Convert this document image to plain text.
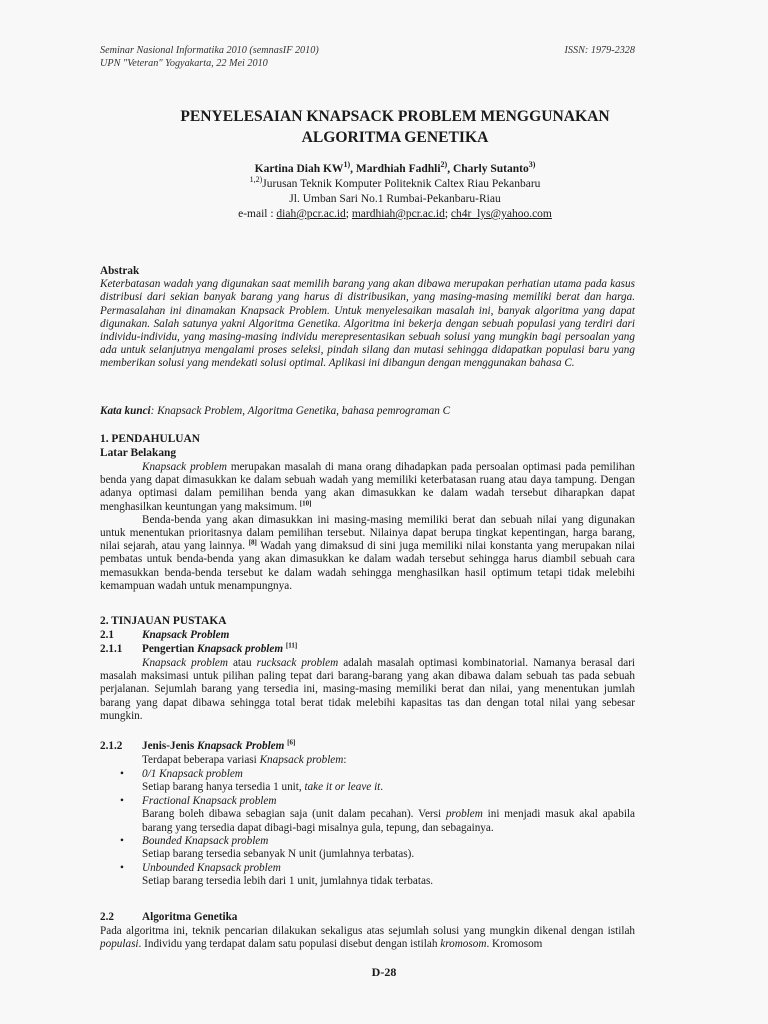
Seminar Nasional Informatika 2010 (semnasIF 2010)
UPN "Veteran" Yogyakarta, 22 Mei 2010
ISSN: 1979-2328
PENYELESAIAN KNAPSACK PROBLEM MENGGUNAKAN
ALGORITMA GENETIKA
Kartina Diah KW$^{1)}$, Mardhiah Fadhli$^{2)}$, Charly Sutanto$^{3)}$
$^{1,2)}$Jurusan Teknik Komputer Politeknik Caltex Riau Pekanbaru
Jl. Umban Sari No.1 Rumbai-Pekanbaru-Riau
e-mail : diah@pcr.ac.id; mardhiah@pcr.ac.id; ch4r_lys@yahoo.com
Abstrak
Keterbatasan wadah yang digunakan saat memilih barang yang akan dibawa merupakan perhatian utama pada kasus distribusi dari sekian banyak barang yang harus di distribusikan, yang masing-masing memiliki berat dan harga. Permasalahan ini dinamakan Knapsack Problem. Untuk menyelesaikan masalah ini, banyak algoritma yang dapat digunakan. Salah satunya yakni Algoritma Genetika. Algoritma ini bekerja dengan sebuah populasi yang terdiri dari individu-individu, yang masing-masing individu merepresentasikan sebuah solusi yang mungkin bagi persoalan yang ada untuk selanjutnya mengalami proses seleksi, pindah silang dan mutasi sehingga didapatkan populasi baru yang memberikan solusi yang mendekati solusi optimal. Aplikasi ini dibangun dengan menggunakan bahasa C.
Kata kunci: Knapsack Problem, Algoritma Genetika, bahasa pemrograman C
1. PENDAHULUAN
Latar Belakang
Knapsack problem merupakan masalah di mana orang dihadapkan pada persoalan optimasi pada pemilihan benda yang dapat dimasukkan ke dalam sebuah wadah yang memiliki keterbatasan ruang atau daya tampung. Dengan adanya optimasi dalam pemilihan benda yang akan dimasukkan ke dalam wadah tersebut diharapkan dapat menghasilkan keuntungan yang maksimum. [10]
Benda-benda yang akan dimasukkan ini masing-masing memiliki berat dan sebuah nilai yang digunakan untuk menentukan prioritasnya dalam pemilihan tersebut. Nilainya dapat berupa tingkat kepentingan, harga barang, nilai sejarah, atau yang lainnya. [8] Wadah yang dimaksud di sini juga memiliki nilai konstanta yang merupakan nilai pembatas untuk benda-benda yang akan dimasukkan ke dalam wadah tersebut sehingga harus diambil sebuah cara memasukkan benda-benda tersebut ke dalam wadah sehingga menghasilkan hasil optimum tetapi tidak melebihi kemampuan wadah untuk menampungnya.
2. TINJAUAN PUSTAKA
2.1	Knapsack Problem
2.1.1 Pengertian Knapsack problem [11]
Knapsack problem atau rucksack problem adalah masalah optimasi kombinatorial. Namanya berasal dari masalah maksimasi untuk pilihan paling tepat dari barang-barang yang akan dibawa dalam sebuah tas pada sebuah perjalanan. Sejumlah barang yang tersedia ini, masing-masing memiliki berat dan nilai, yang menentukan jumlah barang yang dapat dibawa sehingga total berat tidak melebihi kapasitas tas dan dengan total nilai yang sebesar mungkin.
2.1.2 Jenis-Jenis Knapsack Problem [6]
Terdapat beberapa variasi Knapsack problem:
• 0/1 Knapsack problem
Setiap barang hanya tersedia 1 unit, take it or leave it.
• Fractional Knapsack problem
Barang boleh dibawa sebagian saja (unit dalam pecahan). Versi problem ini menjadi masuk akal apabila barang yang tersedia dapat dibagi-bagi misalnya gula, tepung, dan sebagainya.
• Bounded Knapsack problem
Setiap barang tersedia sebanyak N unit (jumlahnya terbatas).
• Unbounded Knapsack problem
Setiap barang tersedia lebih dari 1 unit, jumlahnya tidak terbatas.
2.2	Algoritma Genetika
Pada algoritma ini, teknik pencarian dilakukan sekaligus atas sejumlah solusi yang mungkin dikenal dengan istilah populasi. Individu yang terdapat dalam satu populasi disebut dengan istilah kromosom. Kromosom
D-28
